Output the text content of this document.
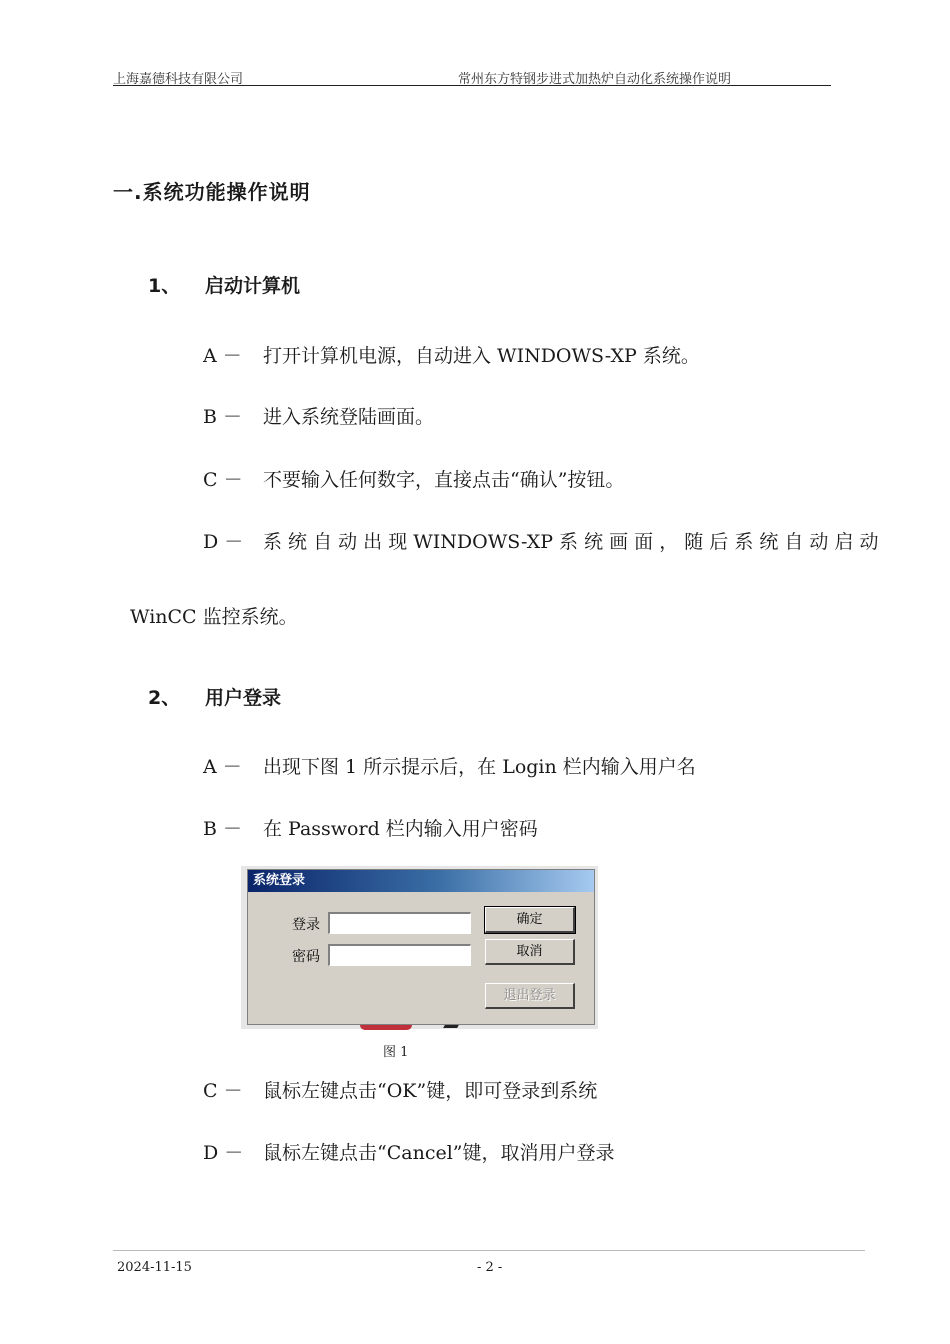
上海嘉德科技有限公司	常州东方特钢步进式加热炉自动化系统操作说明
一.系统功能操作说明
1、 启动计算机
A － 打开计算机电源，自动进入 WINDOWS-XP 系统。
B － 进入系统登陆画面。
C － 不要输入任何数字，直接点击“确认”按钮。
D － 系 统 自 动 出 现 WINDOWS-XP 系 统 画 面 ， 随 后 系 统 自 动 启 动
WinCC 监控系统。
2、 用户登录
A － 出现下图 1 所示提示后，在 Login 栏内输入用户名
B － 在 Password 栏内输入用户密码
系统登录
登录
密码
确定
取消
退出登录
图 1
C － 鼠标左键点击“OK”键，即可登录到系统
D － 鼠标左键点击“Cancel”键，取消用户登录
2024-11-15	- 2 -
